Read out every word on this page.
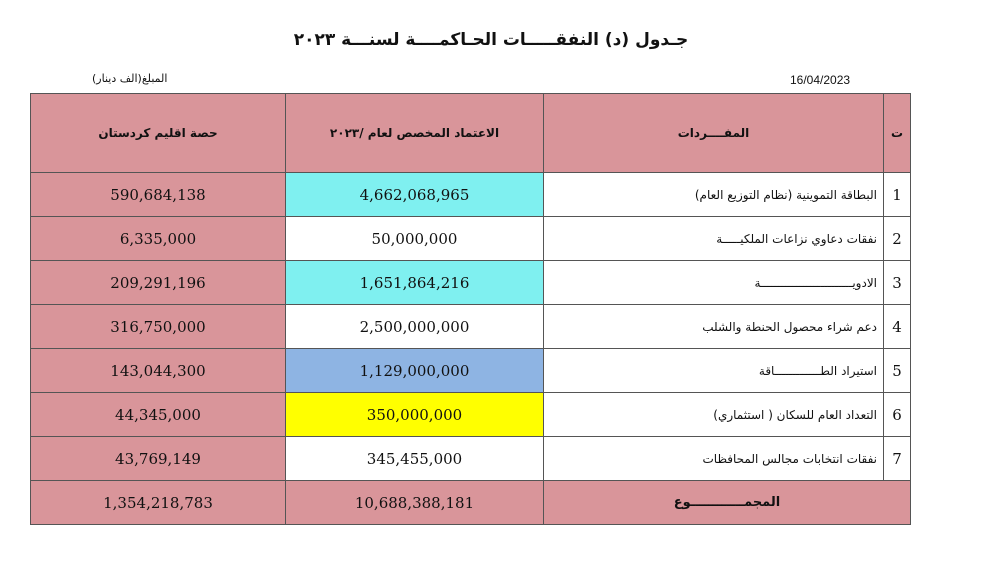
جـدول (د) النفقـــــات الحـاكمــــة لسنـــة ٢٠٢٣
المبلغ(الف دينار)	16/04/2023
ت	المفــــردات	الاعتماد المخصص لعام /٢٠٢٣	حصة اقليم كردستان
1	البطاقة التموينية (نظام التوزيع العام)	4,662,068,965	590,684,138
2	نفقات دعاوي نزاعات الملكيـــــة	50,000,000	6,335,000
3	الادويــــــــــــــــــــــــــة	1,651,864,216	209,291,196
4	دعم شراء محصول الحنطة والشلب	2,500,000,000	316,750,000
5	استيراد الطـــــــــــــاقة	1,129,000,000	143,044,300
6	التعداد العام للسكان ( استثماري)	350,000,000	44,345,000
7	نفقات انتخابات مجالس المحافظات	345,455,000	43,769,149
المجمــــــــــــوع		10,688,388,181	1,354,218,783
